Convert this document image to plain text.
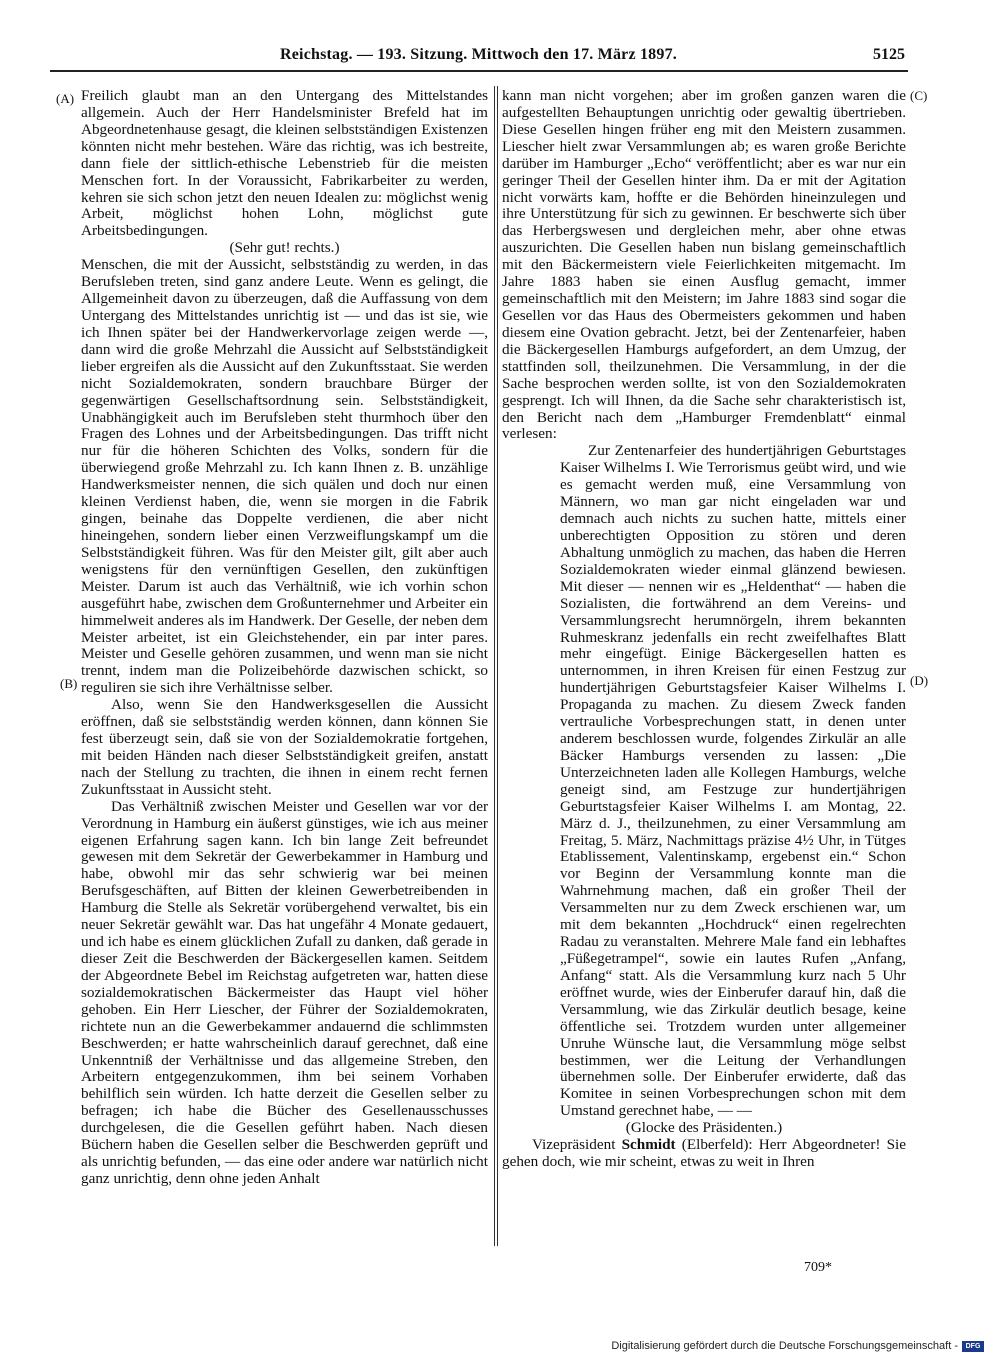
Reichstag. — 193. Sitzung. Mittwoch den 17. März 1897.	5125
(A)
(B)
(C)
(D)

Freilich glaubt man an den Untergang des Mittelstandes allgemein. Auch der Herr Handelsminister Brefeld hat im Abgeordnetenhause gesagt, die kleinen selbstständigen Existenzen könnten nicht mehr bestehen. Wäre das richtig, was ich bestreite, dann fiele der sittlich-ethische Lebenstrieb für die meisten Menschen fort. In der Voraussicht, Fabrikarbeiter zu werden, kehren sie sich schon jetzt den neuen Idealen zu: möglichst wenig Arbeit, möglichst hohen Lohn, möglichst gute Arbeitsbedingungen.

(Sehr gut! rechts.)

Menschen, die mit der Aussicht, selbstständig zu werden, in das Berufsleben treten, sind ganz andere Leute. Wenn es gelingt, die Allgemeinheit davon zu überzeugen, daß die Auffassung von dem Untergang des Mittelstandes unrichtig ist — und das ist sie, wie ich Ihnen später bei der Handwerkervorlage zeigen werde —, dann wird die große Mehrzahl die Aussicht auf Selbstständigkeit lieber ergreifen als die Aussicht auf den Zukunftsstaat. Sie werden nicht Sozialdemokraten, sondern brauchbare Bürger der gegenwärtigen Gesellschaftsordnung sein. Selbstständigkeit, Unabhängigkeit auch im Berufsleben steht thurmhoch über den Fragen des Lohnes und der Arbeitsbedingungen. Das trifft nicht nur für die höheren Schichten des Volks, sondern für die überwiegend große Mehrzahl zu. Ich kann Ihnen z. B. unzählige Handwerksmeister nennen, die sich quälen und doch nur einen kleinen Verdienst haben, die, wenn sie morgen in die Fabrik gingen, beinahe das Doppelte verdienen, die aber nicht hineingehen, sondern lieber einen Verzweiflungskampf um die Selbstständigkeit führen. Was für den Meister gilt, gilt aber auch wenigstens für den vernünftigen Gesellen, den zukünftigen Meister. Darum ist auch das Verhältniß, wie ich vorhin schon ausgeführt habe, zwischen dem Großunternehmer und Arbeiter ein himmelweit anderes als im Handwerk. Der Geselle, der neben dem Meister arbeitet, ist ein Gleichstehender, ein par inter pares. Meister und Geselle gehören zusammen, und wenn man sie nicht trennt, indem man die Polizeibehörde dazwischen schickt, so reguliren sie sich ihre Verhältnisse selber.

Also, wenn Sie den Handwerksgesellen die Aussicht eröffnen, daß sie selbstständig werden können, dann können Sie fest überzeugt sein, daß sie von der Sozialdemokratie fortgehen, mit beiden Händen nach dieser Selbstständigkeit greifen, anstatt nach der Stellung zu trachten, die ihnen in einem recht fernen Zukunftsstaat in Aussicht steht.

Das Verhältniß zwischen Meister und Gesellen war vor der Verordnung in Hamburg ein äußerst günstiges, wie ich aus meiner eigenen Erfahrung sagen kann. Ich bin lange Zeit befreundet gewesen mit dem Sekretär der Gewerbekammer in Hamburg und habe, obwohl mir das sehr schwierig war bei meinen Berufsgeschäften, auf Bitten der kleinen Gewerbetreibenden in Hamburg die Stelle als Sekretär vorübergehend verwaltet, bis ein neuer Sekretär gewählt war. Das hat ungefähr 4 Monate gedauert, und ich habe es einem glücklichen Zufall zu danken, daß gerade in dieser Zeit die Beschwerden der Bäckergesellen kamen. Seitdem der Abgeordnete Bebel im Reichstag aufgetreten war, hatten diese sozialdemokratischen Bäckermeister das Haupt viel höher gehoben. Ein Herr Liescher, der Führer der Sozialdemokraten, richtete nun an die Gewerbekammer andauernd die schlimmsten Beschwerden; er hatte wahrscheinlich darauf gerechnet, daß eine Unkenntniß der Verhältnisse und das allgemeine Streben, den Arbeitern entgegenzukommen, ihm bei seinem Vorhaben behilflich sein würden. Ich hatte derzeit die Gesellen selber zu befragen; ich habe die Bücher des Gesellenausschusses durchgelesen, die die Gesellen geführt haben. Nach diesen Büchern haben die Gesellen selber die Beschwerden geprüft und als unrichtig befunden, — das eine oder andere war natürlich nicht ganz unrichtig, denn ohne jeden Anhalt

kann man nicht vorgehen; aber im großen ganzen waren die aufgestellten Behauptungen unrichtig oder gewaltig übertrieben. Diese Gesellen hingen früher eng mit den Meistern zusammen. Liescher hielt zwar Versammlungen ab; es waren große Berichte darüber im Hamburger „Echo“ veröffentlicht; aber es war nur ein geringer Theil der Gesellen hinter ihm. Da er mit der Agitation nicht vorwärts kam, hoffte er die Behörden hineinzulegen und ihre Unterstützung für sich zu gewinnen. Er beschwerte sich über das Herbergswesen und dergleichen mehr, aber ohne etwas auszurichten. Die Gesellen haben nun bislang gemeinschaftlich mit den Bäckermeistern viele Feierlichkeiten mitgemacht. Im Jahre 1883 haben sie einen Ausflug gemacht, immer gemeinschaftlich mit den Meistern; im Jahre 1883 sind sogar die Gesellen vor das Haus des Obermeisters gekommen und haben diesem eine Ovation gebracht. Jetzt, bei der Zentenarfeier, haben die Bäckergesellen Hamburgs aufgefordert, an dem Umzug, der stattfinden soll, theilzunehmen. Die Versammlung, in der die Sache besprochen werden sollte, ist von den Sozialdemokraten gesprengt. Ich will Ihnen, da die Sache sehr charakteristisch ist, den Bericht nach dem „Hamburger Fremdenblatt“ einmal verlesen:

Zur Zentenarfeier des hundertjährigen Geburtstages Kaiser Wilhelms I. Wie Terrorismus geübt wird, und wie es gemacht werden muß, eine Versammlung von Männern, wo man gar nicht eingeladen war und demnach auch nichts zu suchen hatte, mittels einer unberechtigten Opposition zu stören und deren Abhaltung unmöglich zu machen, das haben die Herren Sozialdemokraten wieder einmal glänzend bewiesen. Mit dieser — nennen wir es „Heldenthat“ — haben die Sozialisten, die fortwährend an dem Vereins- und Versammlungsrecht herumnörgeln, ihrem bekannten Ruhmeskranz jedenfalls ein recht zweifelhaftes Blatt mehr eingefügt. Einige Bäckergesellen hatten es unternommen, in ihren Kreisen für einen Festzug zur hundertjährigen Geburtstagsfeier Kaiser Wilhelms I. Propaganda zu machen. Zu diesem Zweck fanden vertrauliche Vorbesprechungen statt, in denen unter anderem beschlossen wurde, folgendes Zirkulär an alle Bäcker Hamburgs versenden zu lassen: „Die Unterzeichneten laden alle Kollegen Hamburgs, welche geneigt sind, am Festzuge zur hundertjährigen Geburtstagsfeier Kaiser Wilhelms I. am Montag, 22. März d. J., theilzunehmen, zu einer Versammlung am Freitag, 5. März, Nachmittags präzise 4½ Uhr, in Tütges Etablissement, Valentinskamp, ergebenst ein.“ Schon vor Beginn der Versammlung konnte man die Wahrnehmung machen, daß ein großer Theil der Versammelten nur zu dem Zweck erschienen war, um mit dem bekannten „Hochdruck“ einen regelrechten Radau zu veranstalten. Mehrere Male fand ein lebhaftes „Füßegetrampel“, sowie ein lautes Rufen „Anfang, Anfang“ statt. Als die Versammlung kurz nach 5 Uhr eröffnet wurde, wies der Einberufer darauf hin, daß die Versammlung, wie das Zirkulär deutlich besage, keine öffentliche sei. Trotzdem wurden unter allgemeiner Unruhe Wünsche laut, die Versammlung möge selbst bestimmen, wer die Leitung der Verhandlungen übernehmen solle. Der Einberufer erwiderte, daß das Komitee in seinen Vorbesprechungen schon mit dem Umstand gerechnet habe, — —

(Glocke des Präsidenten.)

Vizepräsident Schmidt (Elberfeld): Herr Abgeordneter! Sie gehen doch, wie mir scheint, etwas zu weit in Ihren

709*
Digitalisierung gefördert durch die Deutsche Forschungsgemeinschaft -	DFG
